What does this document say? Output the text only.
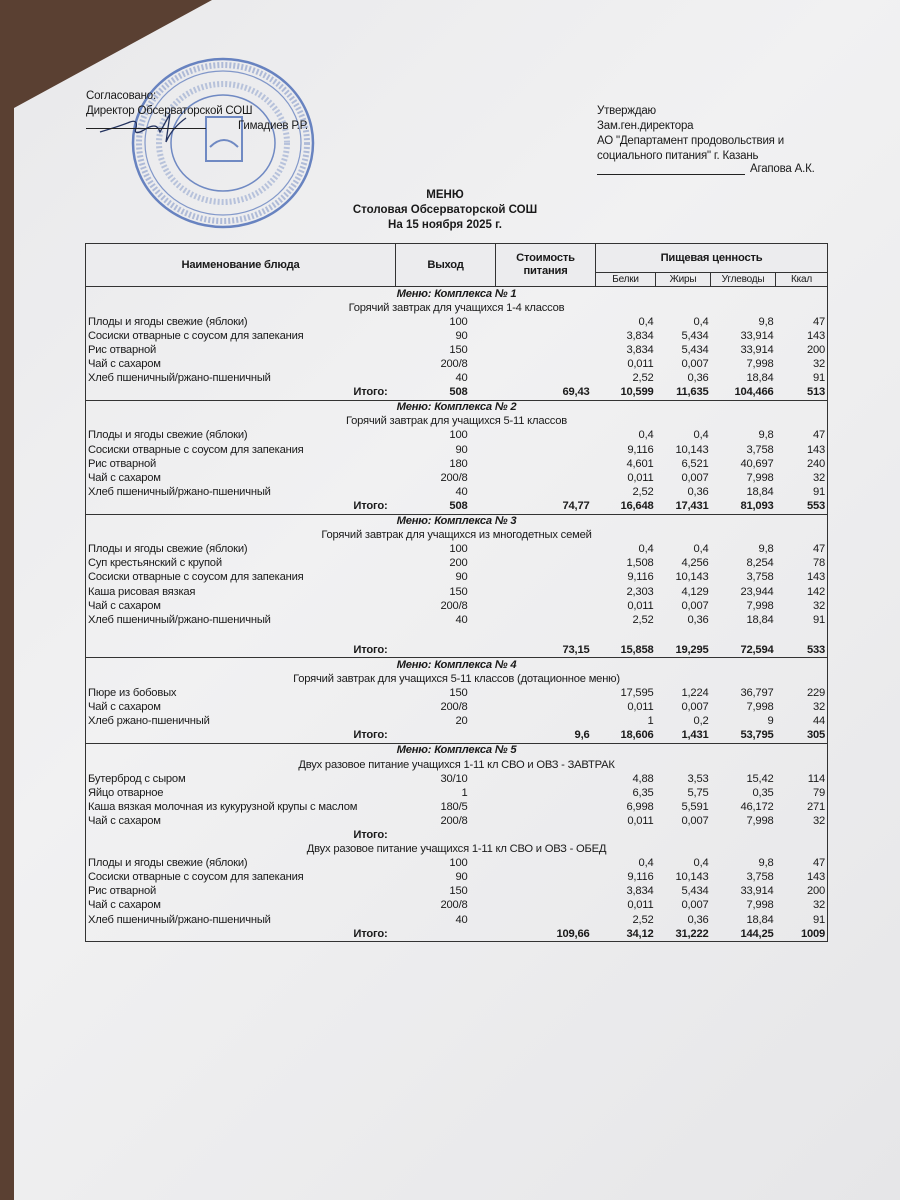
Согласовано:
Директор Обсерваторской СОШ
Гимадиев Р.Р.
Утверждаю
Зам.ген.директора
АО "Департамент продовольствия и
социального питания" г. Казань
Агапова А.К.
МЕНЮ
Столовая Обсерваторской СОШ
На 15 ноября 2025 г.
Наименование блюда	Выход	Стоимость питания	Пищевая ценность			
			Белки	Жиры	Углеводы	Ккал
Меню: Комплекса № 1						
Горячий завтрак для учащихся 1-4 классов						
Плоды и ягоды свежие (яблоки)	100		0,4	0,4	9,8	47
Сосиски отварные с соусом для запекания	90		3,834	5,434	33,914	143
Рис отварной	150		3,834	5,434	33,914	200
Чай с сахаром	200/8		0,011	0,007	7,998	32
Хлеб пшеничный/ржано-пшеничный	40		2,52	0,36	18,84	91
Итого:	508	69,43	10,599	11,635	104,466	513
Меню: Комплекса № 2						
Горячий завтрак для учащихся 5-11 классов						
Плоды и ягоды свежие (яблоки)	100		0,4	0,4	9,8	47
Сосиски отварные с соусом для запекания	90		9,116	10,143	3,758	143
Рис отварной	180		4,601	6,521	40,697	240
Чай с сахаром	200/8		0,011	0,007	7,998	32
Хлеб пшеничный/ржано-пшеничный	40		2,52	0,36	18,84	91
Итого:	508	74,77	16,648	17,431	81,093	553
Меню: Комплекса № 3						
Горячий завтрак для учащихся из многодетных семей						
Плоды и ягоды свежие (яблоки)	100		0,4	0,4	9,8	47
Суп крестьянский с крупой	200		1,508	4,256	8,254	78
Сосиски отварные с соусом для запекания	90		9,116	10,143	3,758	143
Каша рисовая вязкая	150		2,303	4,129	23,944	142
Чай с сахаром	200/8		0,011	0,007	7,998	32
Хлеб пшеничный/ржано-пшеничный	40		2,52	0,36	18,84	91

Итого:		73,15	15,858	19,295	72,594	533
Меню: Комплекса № 4						
Горячий завтрак для учащихся 5-11 классов (дотационное меню)						
Пюре из бобовых	150		17,595	1,224	36,797	229
Чай с сахаром	200/8		0,011	0,007	7,998	32
Хлеб ржано-пшеничный	20		1	0,2	9	44
Итого:		9,6	18,606	1,431	53,795	305
Меню: Комплекса № 5						
Двух разовое питание учащихся 1-11 кл СВО и ОВЗ - ЗАВТРАК						
Бутерброд с сыром	30/10		4,88	3,53	15,42	114
Яйцо отварное	1		6,35	5,75	0,35	79
Каша вязкая молочная из кукурузной крупы с маслом	180/5		6,998	5,591	46,172	271
Чай с сахаром	200/8		0,011	0,007	7,998	32
Итого:						
Двух разовое питание учащихся 1-11 кл СВО и ОВЗ - ОБЕД						
Плоды и ягоды свежие (яблоки)	100		0,4	0,4	9,8	47
Сосиски отварные с соусом для запекания	90		9,116	10,143	3,758	143
Рис отварной	150		3,834	5,434	33,914	200
Чай с сахаром	200/8		0,011	0,007	7,998	32
Хлеб пшеничный/ржано-пшеничный	40		2,52	0,36	18,84	91
Итого:		109,66	34,12	31,222	144,25	1009
